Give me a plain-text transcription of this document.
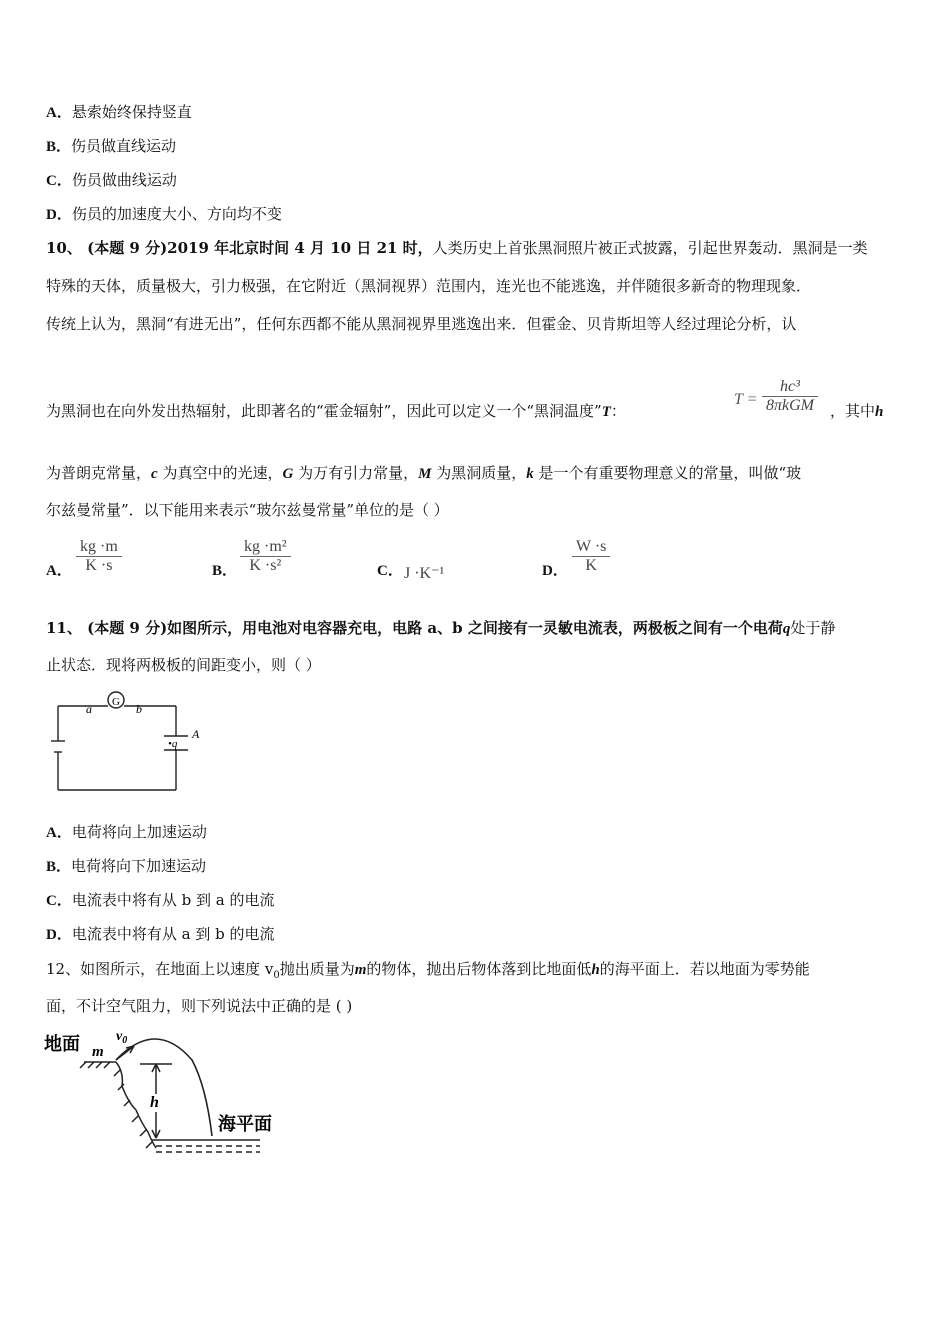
A．悬索始终保持竖直
B．伤员做直线运动
C．伤员做曲线运动
D．伤员的加速度大小、方向均不变
10、 (本题 9 分)2019 年北京时间 4 月 10 日 21 时，人类历史上首张黑洞照片被正式披露，引起世界轰动．黑洞是一类
特殊的天体，质量极大，引力极强，在它附近（黑洞视界）范围内，连光也不能逃逸，并伴随很多新奇的物理现象．
传统上认为，黑洞“有进无出”，任何东西都不能从黑洞视界里逃逸出来．但霍金、贝肯斯坦等人经过理论分析，认
为黑洞也在向外发出热辐射，此即著名的“霍金辐射”，因此可以定义一个“黑洞温度”T：
T =
hc³
8πkGM ，其中h
为普朗克常量，c 为真空中的光速，G 为万有引力常量，M 为黑洞质量，k 是一个有重要物理意义的常量，叫做“玻
尔兹曼常量”．以下能用来表示“玻尔兹曼常量”单位的是（ ）
A．
kg ·m
K ·s	B．
kg ·m²
K ·s²	C． J ·K⁻¹	D．
W ·s
K
11、 (本题 9 分)如图所示，用电池对电容器充电，电路 a、b 之间接有一灵敏电流表，两极板之间有一个电荷q处于静
止状态．现将两极板的间距变小，则（ ）
G
a	b
•q
A
A．电荷将向上加速运动
B．电荷将向下加速运动
C．电流表中将有从 b 到 a 的电流
D．电流表中将有从 a 到 b 的电流
12、如图所示，在地面上以速度 $v_0$抛出质量为m的物体，抛出后物体落到比地面低h的海平面上．若以地面为零势能
面，不计空气阻力，则下列说法中正确的是 ( )
地面 m
$v_0$
h
海平面
